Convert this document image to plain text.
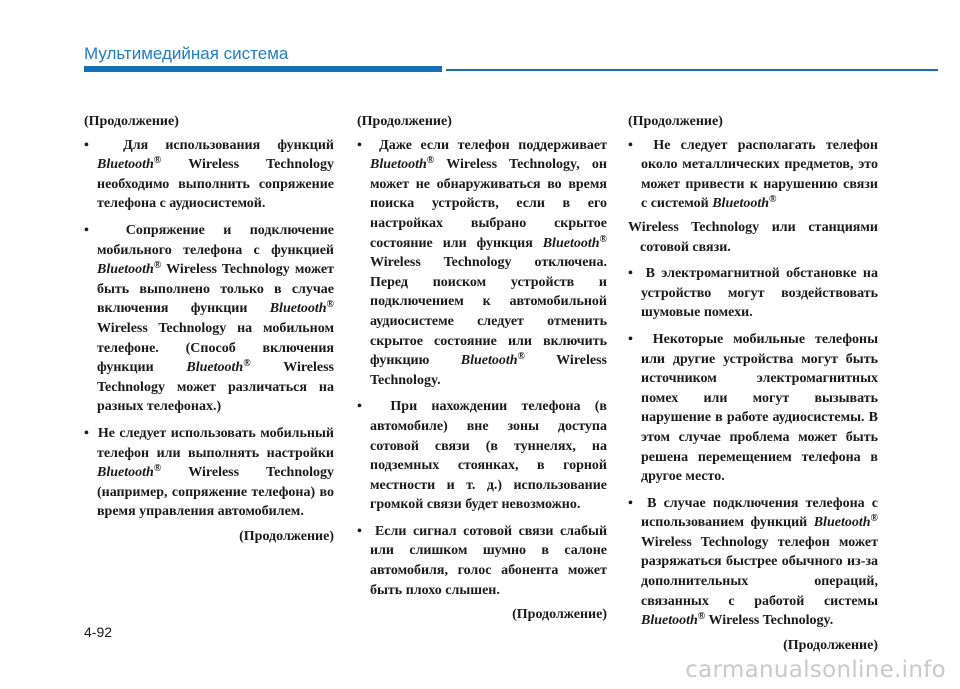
Мультимедийная система

(Продолжение)

•  Для использования функций Bluetooth® Wireless Technology необходимо выполнить сопряжение телефона с аудиосистемой.

•  Сопряжение и подключение мобильного телефона с функцией Bluetooth® Wireless Technology может быть выполнено только в случае включения функции Bluetooth® Wireless Technology на мобильном телефоне. (Способ включения функции Bluetooth® Wireless Technology может различаться на разных телефонах.)

•  Не следует использовать мобильный телефон или выполнять настройки Bluetooth® Wireless Technology (например, сопряжение телефона) во время управления автомобилем.

(Продолжение)

(Продолжение)

•  Даже если телефон поддерживает Bluetooth® Wireless Technology, он может не обнаруживаться во время поиска устройств, если в его настройках выбрано скрытое состояние или функция Bluetooth® Wireless Technology отключена. Перед поиском устройств и подключением к автомобильной аудиосистеме следует отменить скрытое состояние или включить функцию Bluetooth® Wireless Technology.

•  При нахождении телефона (в автомобиле) вне зоны доступа сотовой связи (в туннелях, на подземных стоянках, в горной местности и т. д.) использование громкой связи будет невозможно.

•  Если сигнал сотовой связи слабый или слишком шумно в салоне автомобиля, голос абонента может быть плохо слышен.

(Продолжение)

(Продолжение)

•  Не следует располагать телефон около металлических предметов, это может привести к нарушению связи с системой Bluetooth®

Wireless Technology или станциями сотовой связи.

•  В электромагнитной обстановке на устройство могут воздействовать шумовые помехи.

•  Некоторые мобильные телефоны или другие устройства могут быть источником электромагнитных помех или могут вызывать нарушение в работе аудиосистемы. В этом случае проблема может быть решена перемещением телефона в другое место.

•  В случае подключения телефона с использованием функций Bluetooth® Wireless Technology телефон может разряжаться быстрее обычного из-за дополнительных операций, связанных с работой системы Bluetooth® Wireless Technology.

(Продолжение)

4-92
carmanualsonline.info
